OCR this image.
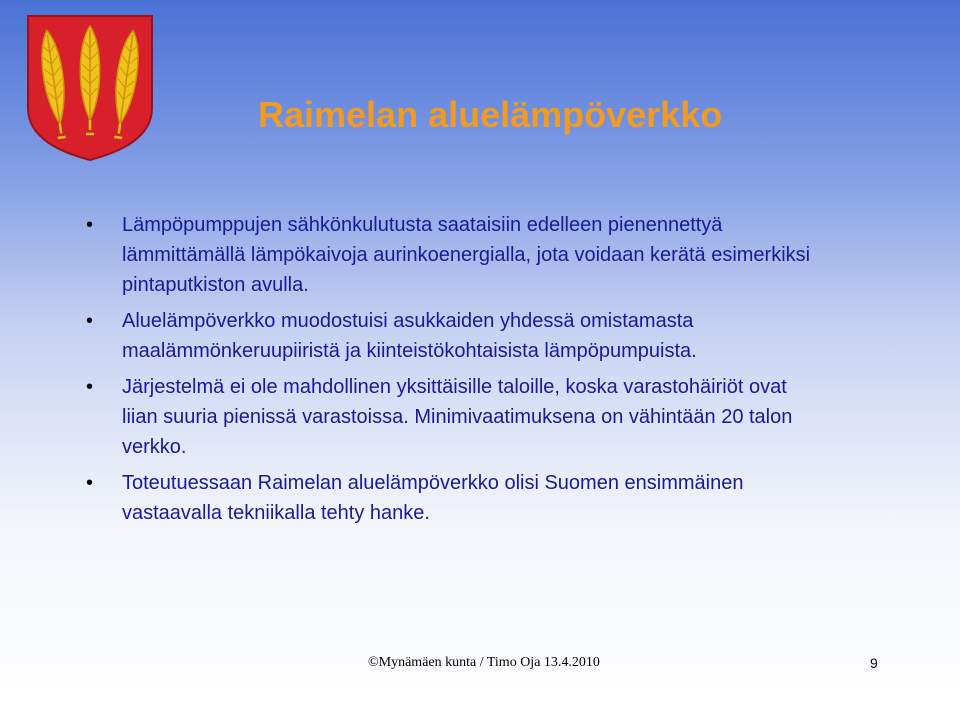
Raimelan aluelämpöverkko
• Lämpöpumppujen sähkönkulutusta saataisiin edelleen pienennettyä lämmittämällä lämpökaivoja aurinkoenergialla, jota voidaan kerätä esimerkiksi pintaputkiston avulla.
• Aluelämpöverkko muodostuisi asukkaiden yhdessä omistamasta maalämmönkeruupiiristä ja kiinteistökohtaisista lämpöpumpuista.
• Järjestelmä ei ole mahdollinen yksittäisille taloille, koska varastohäiriöt ovat liian suuria pienissä varastoissa. Minimivaatimuksena on vähintään 20 talon verkko.
• Toteutuessaan Raimelan aluelämpöverkko olisi Suomen ensimmäinen vastaavalla tekniikalla tehty hanke.
©Mynämäen kunta / Timo Oja 13.4.2010	9
